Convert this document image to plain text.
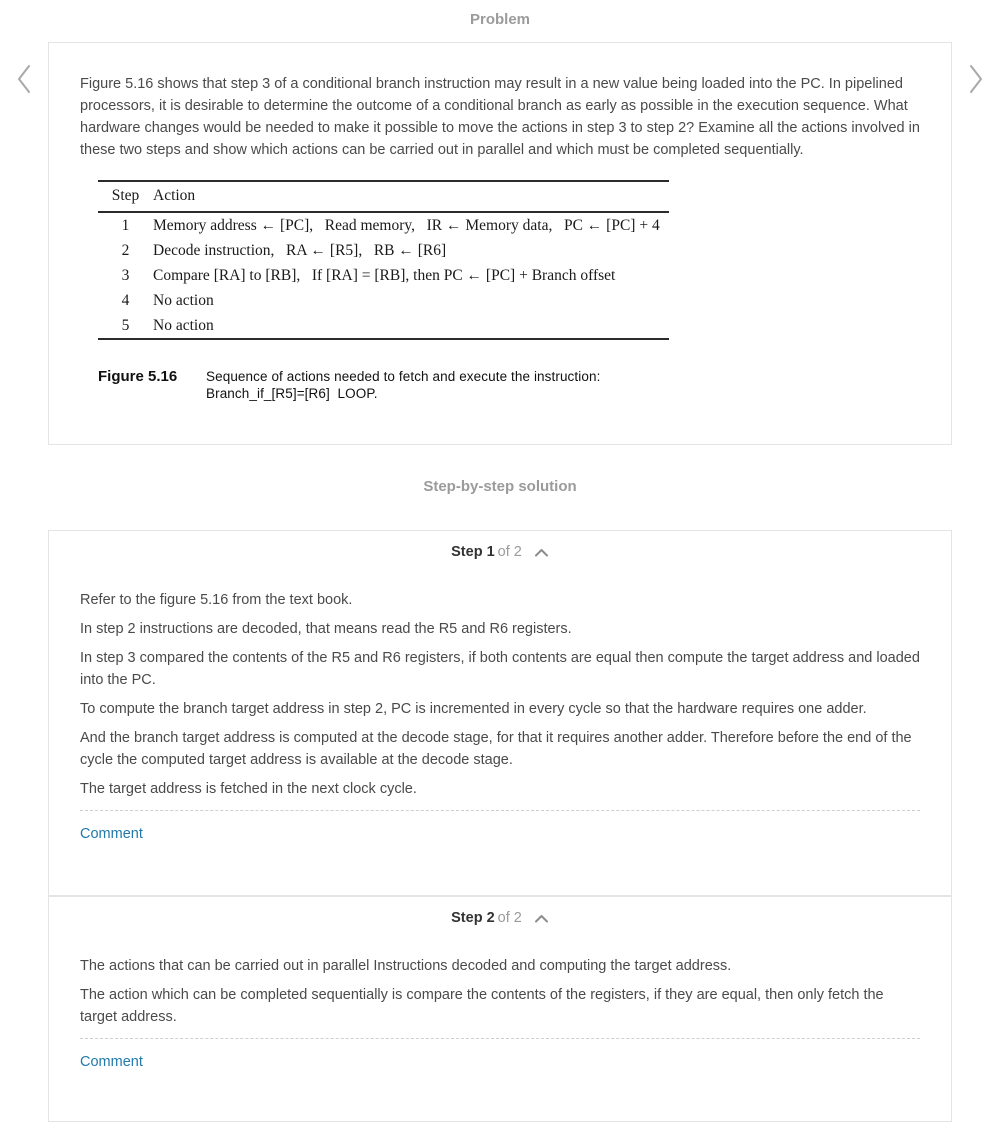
Problem

Figure 5.16 shows that step 3 of a conditional branch instruction may result in a new value being loaded into the PC. In pipelined processors, it is desirable to determine the outcome of a conditional branch as early as possible in the execution sequence. What hardware changes would be needed to make it possible to move the actions in step 3 to step 2? Examine all the actions involved in these two steps and show which actions can be carried out in parallel and which must be completed sequentially.

Step	Action
1	Memory address ← [PC],   Read memory,   IR ← Memory data,   PC ← [PC] + 4
2	Decode instruction,   RA ← [R5],   RB ← [R6]
3	Compare [RA] to [RB],   If [RA] = [RB], then PC ← [PC] + Branch offset
4	No action
5	No action
Figure 5.16	Sequence of actions needed to fetch and execute the instruction:
Branch_if_[R5]=[R6]  LOOP.
Step-by-step solution
Step 1 of 2

Refer to the figure 5.16 from the text book.

In step 2 instructions are decoded, that means read the R5 and R6 registers.

In step 3 compared the contents of the R5 and R6 registers, if both contents are equal then compute the target address and loaded into the PC.

To compute the branch target address in step 2, PC is incremented in every cycle so that the hardware requires one adder.

And the branch target address is computed at the decode stage, for that it requires another adder. Therefore before the end of the cycle the computed target address is available at the decode stage.

The target address is fetched in the next clock cycle.

Comment
Step 2 of 2

The actions that can be carried out in parallel Instructions decoded and computing the target address.

The action which can be completed sequentially is compare the contents of the registers, if they are equal, then only fetch the target address.

Comment
